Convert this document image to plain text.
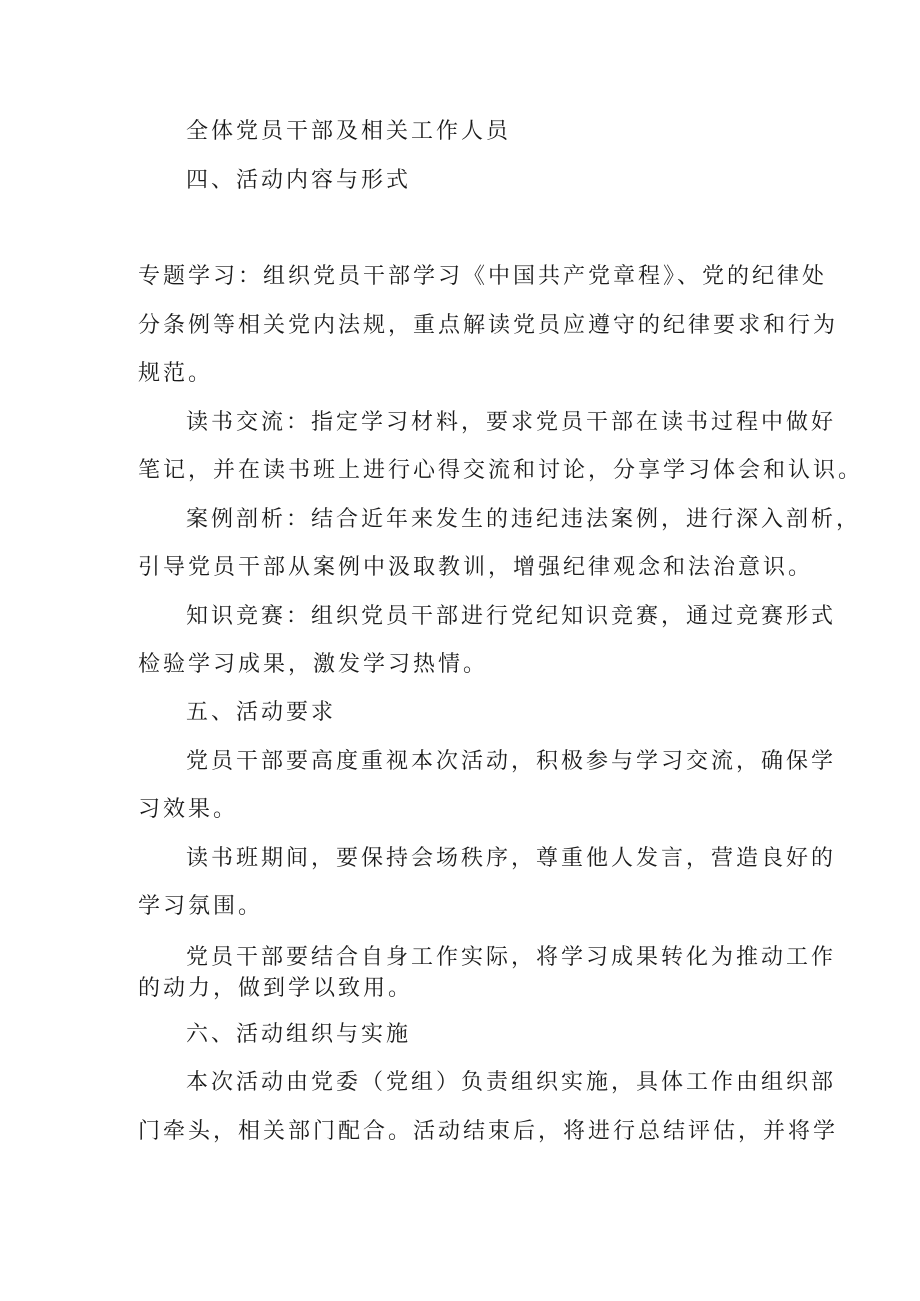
全体党员干部及相关工作人员
四、活动内容与形式
专题学习：组织党员干部学习《中国共产党章程》、党的纪律处
分条例等相关党内法规，重点解读党员应遵守的纪律要求和行为
规范。
读书交流：指定学习材料，要求党员干部在读书过程中做好
笔记，并在读书班上进行心得交流和讨论，分享学习体会和认识。
案例剖析：结合近年来发生的违纪违法案例，进行深入剖析，
引导党员干部从案例中汲取教训，增强纪律观念和法治意识。
知识竞赛：组织党员干部进行党纪知识竞赛，通过竞赛形式
检验学习成果，激发学习热情。
五、活动要求
党员干部要高度重视本次活动，积极参与学习交流，确保学
习效果。
读书班期间，要保持会场秩序，尊重他人发言，营造良好的
学习氛围。
党员干部要结合自身工作实际，将学习成果转化为推动工作
的动力，做到学以致用。
六、活动组织与实施
本次活动由党委（党组）负责组织实施，具体工作由组织部
门牵头，相关部门配合。活动结束后，将进行总结评估，并将学
